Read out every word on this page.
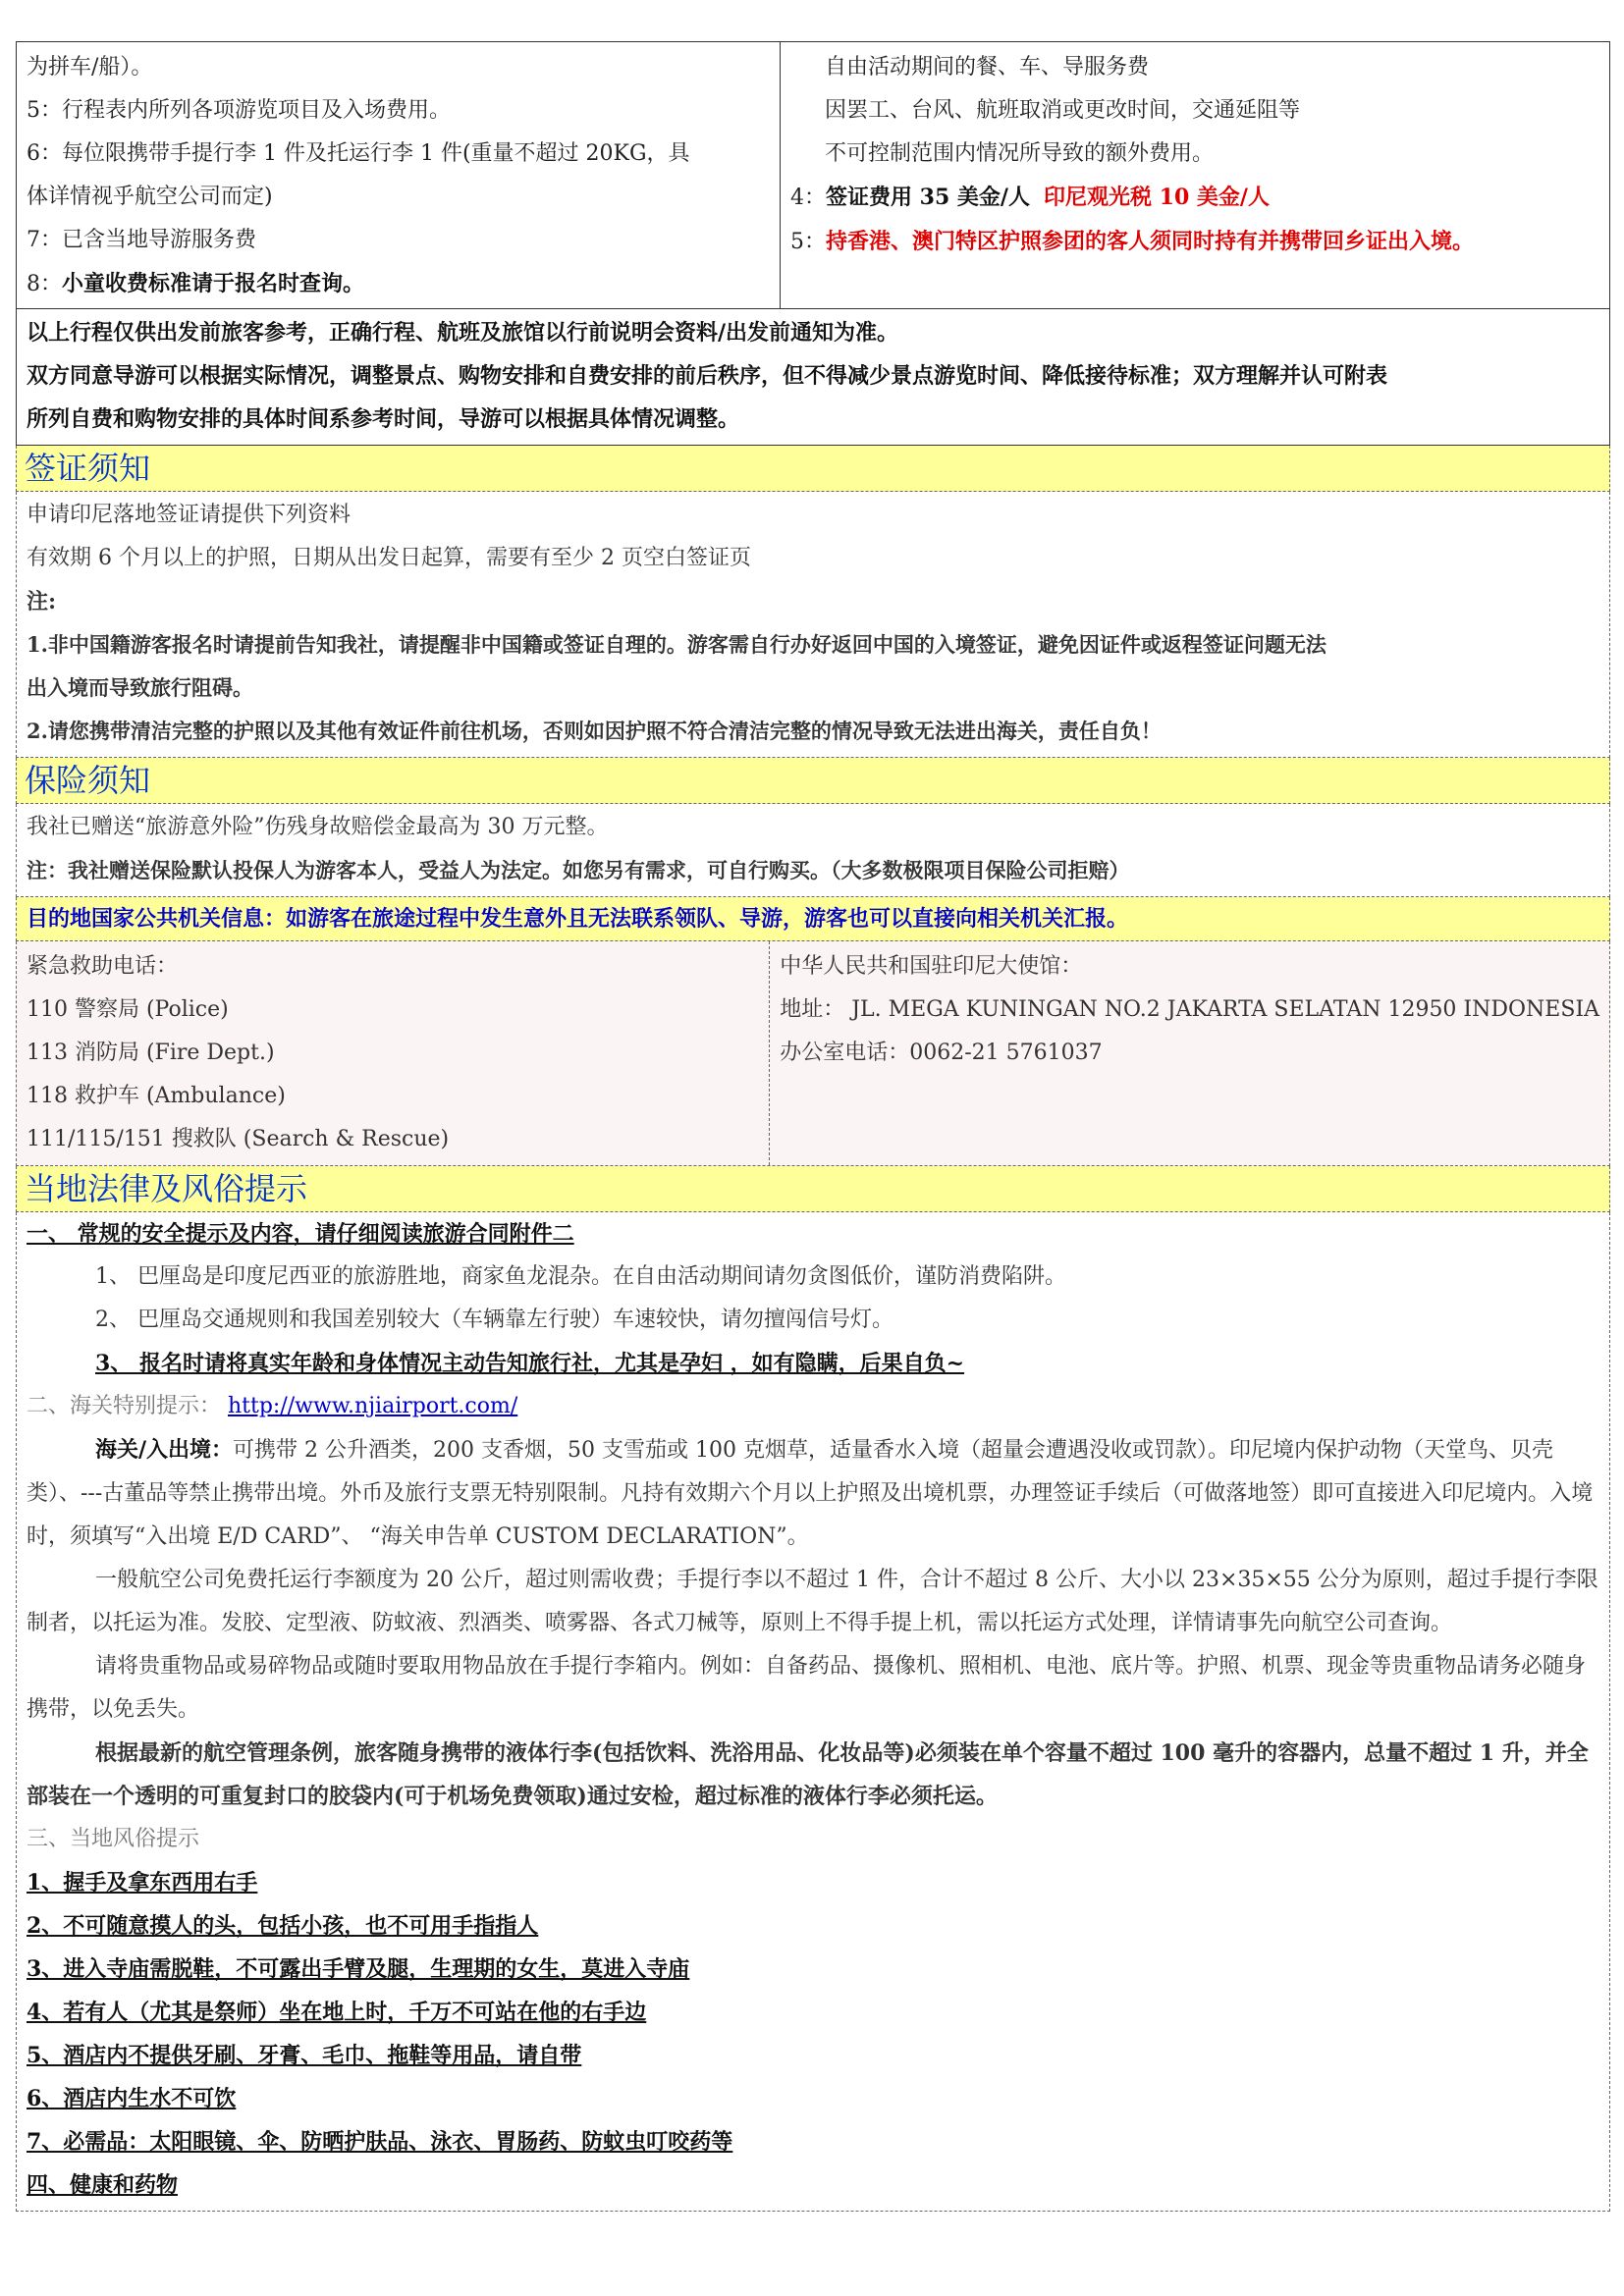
为拼车/船）。
5：行程表内所列各项游览项目及入场费用。
6：每位限携带手提行李 1 件及托运行李 1 件(重量不超过 20KG，具
体详情视乎航空公司而定)
7：已含当地导游服务费
8：小童收费标准请于报名时查询。
自由活动期间的餐、车、导服务费
因罢工、台风、航班取消或更改时间，交通延阻等
不可控制范围内情况所导致的额外费用。
4：签证费用 35 美金/人 印尼观光税 10 美金/人
5：持香港、澳门特区护照参团的客人须同时持有并携带回乡证出入境。
以上行程仅供出发前旅客参考，正确行程、航班及旅馆以行前说明会资料/出发前通知为准。
双方同意导游可以根据实际情况，调整景点、购物安排和自费安排的前后秩序，但不得减少景点游览时间、降低接待标准；双方理解并认可附表
所列自费和购物安排的具体时间系参考时间，导游可以根据具体情况调整。
签证须知
申请印尼落地签证请提供下列资料
有效期 6 个月以上的护照，日期从出发日起算，需要有至少 2 页空白签证页
注:
1.非中国籍游客报名时请提前告知我社，请提醒非中国籍或签证自理的。游客需自行办好返回中国的入境签证，避免因证件或返程签证问题无法
出入境而导致旅行阻碍。
2.请您携带清洁完整的护照以及其他有效证件前往机场，否则如因护照不符合清洁完整的情况导致无法进出海关，责任自负！
保险须知
我社已赠送“旅游意外险”伤残身故赔偿金最高为 30 万元整。
注：我社赠送保险默认投保人为游客本人，受益人为法定。如您另有需求，可自行购买。（大多数极限项目保险公司拒赔）
目的地国家公共机关信息：如游客在旅途过程中发生意外且无法联系领队、导游，游客也可以直接向相关机关汇报。
紧急救助电话：
110 警察局 (Police)
113 消防局 (Fire Dept.)
118 救护车 (Ambulance)
111/115/151 搜救队 (Search & Rescue)
中华人民共和国驻印尼大使馆：
地址： JL. MEGA KUNINGAN NO.2 JAKARTA SELATAN 12950 INDONESIA
办公室电话：0062-21 5761037
当地法律及风俗提示
一、 常规的安全提示及内容，请仔细阅读旅游合同附件二
1、 巴厘岛是印度尼西亚的旅游胜地，商家鱼龙混杂。在自由活动期间请勿贪图低价，谨防消费陷阱。
2、 巴厘岛交通规则和我国差别较大（车辆靠左行驶）车速较快，请勿擅闯信号灯。
3、 报名时请将真实年龄和身体情况主动告知旅行社，尤其是孕妇 ，如有隐瞒，后果自负~
二、海关特别提示： http://www.njiairport.com/
海关/入出境：可携带 2 公升酒类，200 支香烟，50 支雪茄或 100 克烟草，适量香水入境（超量会遭遇没收或罚款）。印尼境内保护动物（天堂鸟、贝壳类）、---古董品等禁止携带出境。外币及旅行支票无特别限制。凡持有效期六个月以上护照及出境机票，办理签证手续后（可做落地签）即可直接进入印尼境内。入境时，须填写“入出境 E/D CARD”、 “海关申告单 CUSTOM DECLARATION”。
一般航空公司免费托运行李额度为 20 公斤，超过则需收费；手提行李以不超过 1 件，合计不超过 8 公斤、大小以 23×35×55 公分为原则，超过手提行李限制者，以托运为准。发胶、定型液、防蚊液、烈酒类、喷雾器、各式刀械等，原则上不得手提上机，需以托运方式处理，详情请事先向航空公司查询。
请将贵重物品或易碎物品或随时要取用物品放在手提行李箱内。例如：自备药品、摄像机、照相机、电池、底片等。护照、机票、现金等贵重物品请务必随身携带，以免丢失。
根据最新的航空管理条例，旅客随身携带的液体行李(包括饮料、洗浴用品、化妆品等)必须装在单个容量不超过 100 毫升的容器内，总量不超过 1 升，并全部装在一个透明的可重复封口的胶袋内(可于机场免费领取)通过安检，超过标准的液体行李必须托运。
三、当地风俗提示
1、握手及拿东西用右手
2、不可随意摸人的头，包括小孩，也不可用手指指人
3、进入寺庙需脱鞋，不可露出手臂及腿，生理期的女生，莫进入寺庙
4、若有人（尤其是祭师）坐在地上时，千万不可站在他的右手边
5、酒店内不提供牙刷、牙膏、毛巾、拖鞋等用品，请自带
6、酒店内生水不可饮
7、必需品：太阳眼镜、伞、防晒护肤品、泳衣、胃肠药、防蚊虫叮咬药等
四、健康和药物
